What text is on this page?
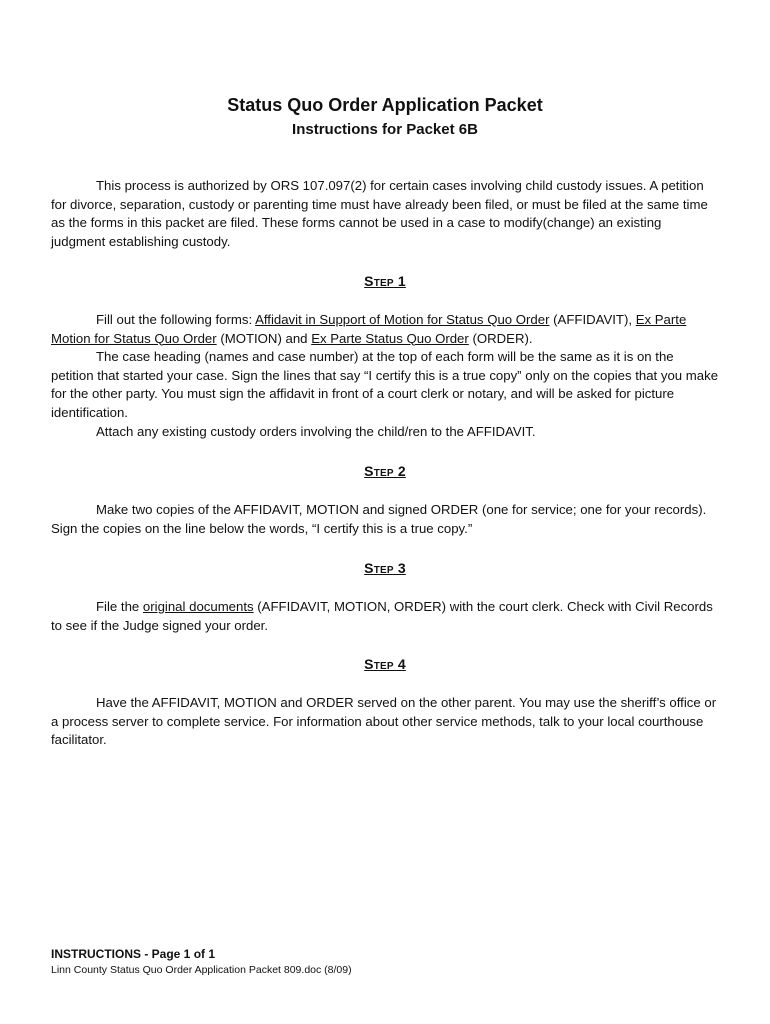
Status Quo Order Application Packet
Instructions for Packet 6B

This process is authorized by ORS 107.097(2) for certain cases involving child custody issues. A petition for divorce, separation, custody or parenting time must have already been filed, or must be filed at the same time as the forms in this packet are filed. These forms cannot be used in a case to modify(change) an existing judgment establishing custody.

Step 1

Fill out the following forms: Affidavit in Support of Motion for Status Quo Order (AFFIDAVIT), Ex Parte Motion for Status Quo Order (MOTION) and Ex Parte Status Quo Order (ORDER).

The case heading (names and case number) at the top of each form will be the same as it is on the petition that started your case. Sign the lines that say “I certify this is a true copy” only on the copies that you make for the other party. You must sign the affidavit in front of a court clerk or notary, and will be asked for picture identification.

Attach any existing custody orders involving the child/ren to the AFFIDAVIT.

Step 2

Make two copies of the AFFIDAVIT, MOTION and signed ORDER (one for service; one for your records). Sign the copies on the line below the words, “I certify this is a true copy.”

Step 3

File the original documents (AFFIDAVIT, MOTION, ORDER) with the court clerk. Check with Civil Records to see if the Judge signed your order.

Step 4

Have the AFFIDAVIT, MOTION and ORDER served on the other parent. You may use the sheriff’s office or a process server to complete service. For information about other service methods, talk to your local courthouse facilitator.

INSTRUCTIONS - Page 1 of 1
Linn County Status Quo Order Application Packet 809.doc (8/09)
